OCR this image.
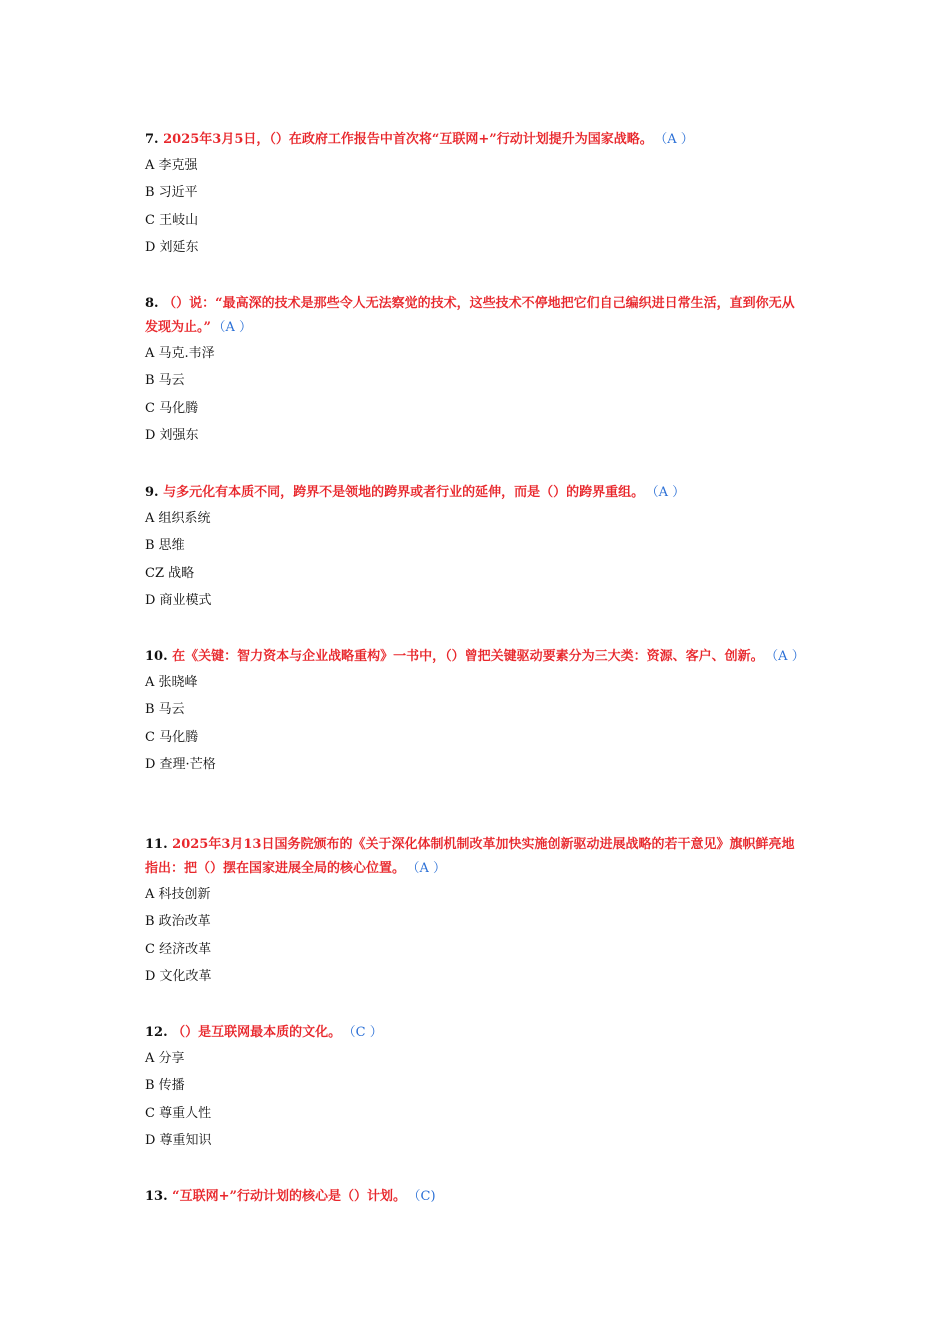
7. 2025年3月5日，（）在政府工作报告中首次将“互联网+”行动计划提升为国家战略。 （A ）

A 李克强

B 习近平

C 王岐山

D 刘延东

8. （）说：“最高深的技术是那些令人无法察觉的技术，这些技术不停地把它们自己编织进日常生活，直到你无从发现为止。” （A ）

A 马克.韦泽

B 马云

C 马化腾

D 刘强东

9. 与多元化有本质不同，跨界不是领地的跨界或者行业的延伸，而是（）的跨界重组。 （A ）

A 组织系统

B 思维

CZ 战略

D 商业模式

10. 在《关键：智力资本与企业战略重构》一书中，（）曾把关键驱动要素分为三大类：资源、客户、创新。 （A ）

A 张晓峰

B 马云

C 马化腾

D 查理·芒格

11. 2025年3月13日国务院颁布的《关于深化体制机制改革加快实施创新驱动进展战略的若干意见》旗帜鲜亮地指出：把（）摆在国家进展全局的核心位置。 （A ）

A 科技创新

B 政治改革

C 经济改革

D 文化改革

12. （）是互联网最本质的文化。 （C ）

A 分享

B 传播

C 尊重人性

D 尊重知识

13. “互联网+”行动计划的核心是（）计划。 （C)
